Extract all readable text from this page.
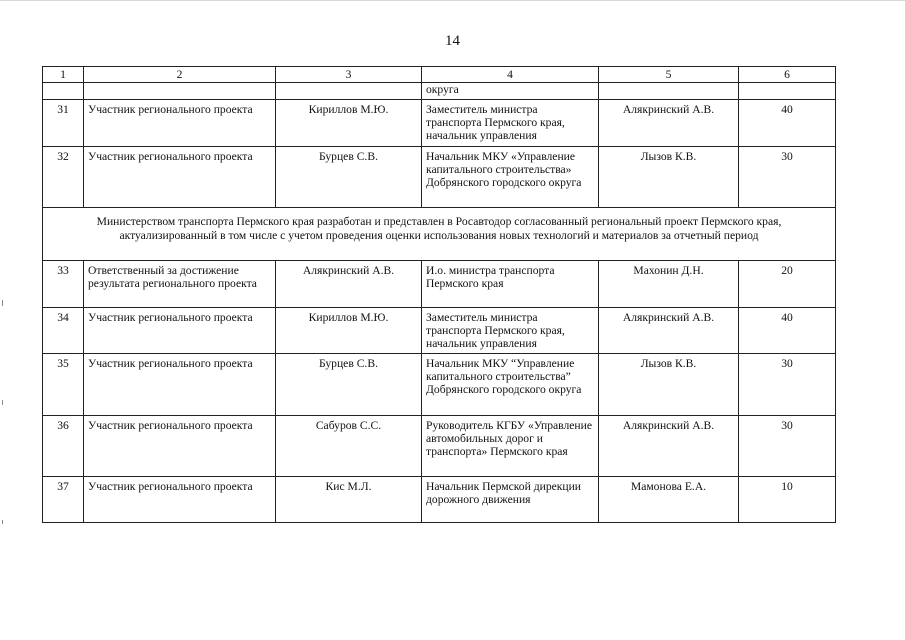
14
1	2	3	4	5	6
			округа		
31	Участник регионального проекта	Кириллов М.Ю.	Заместитель министра транспорта Пермского края, начальник управления	Алякринский А.В.	40
32	Участник регионального проекта	Бурцев С.В.	Начальник МКУ «Управление капитального строительства» Добрянского городского округа	Лызов К.В.	30
Министерством транспорта Пермского края разработан и представлен в Росавтодор согласованный региональный проект Пермского края, актуализированный в том числе с учетом проведения оценки использования новых технологий и материалов за отчетный период					
33	Ответственный за достижение результата регионального проекта	Алякринский А.В.	И.о. министра транспорта Пермского края	Махонин Д.Н.	20
34	Участник регионального проекта	Кириллов М.Ю.	Заместитель министра транспорта Пермского края, начальник управления	Алякринский А.В.	40
35	Участник регионального проекта	Бурцев С.В.	Начальник МКУ “Управление капитального строительства” Добрянского городского округа	Лызов К.В.	30
36	Участник регионального проекта	Сабуров С.С.	Руководитель КГБУ «Управление автомобильных дорог и транспорта» Пермского края	Алякринский А.В.	30
37	Участник регионального проекта	Кис М.Л.	Начальник Пермской дирекции дорожного движения	Мамонова Е.А.	10
